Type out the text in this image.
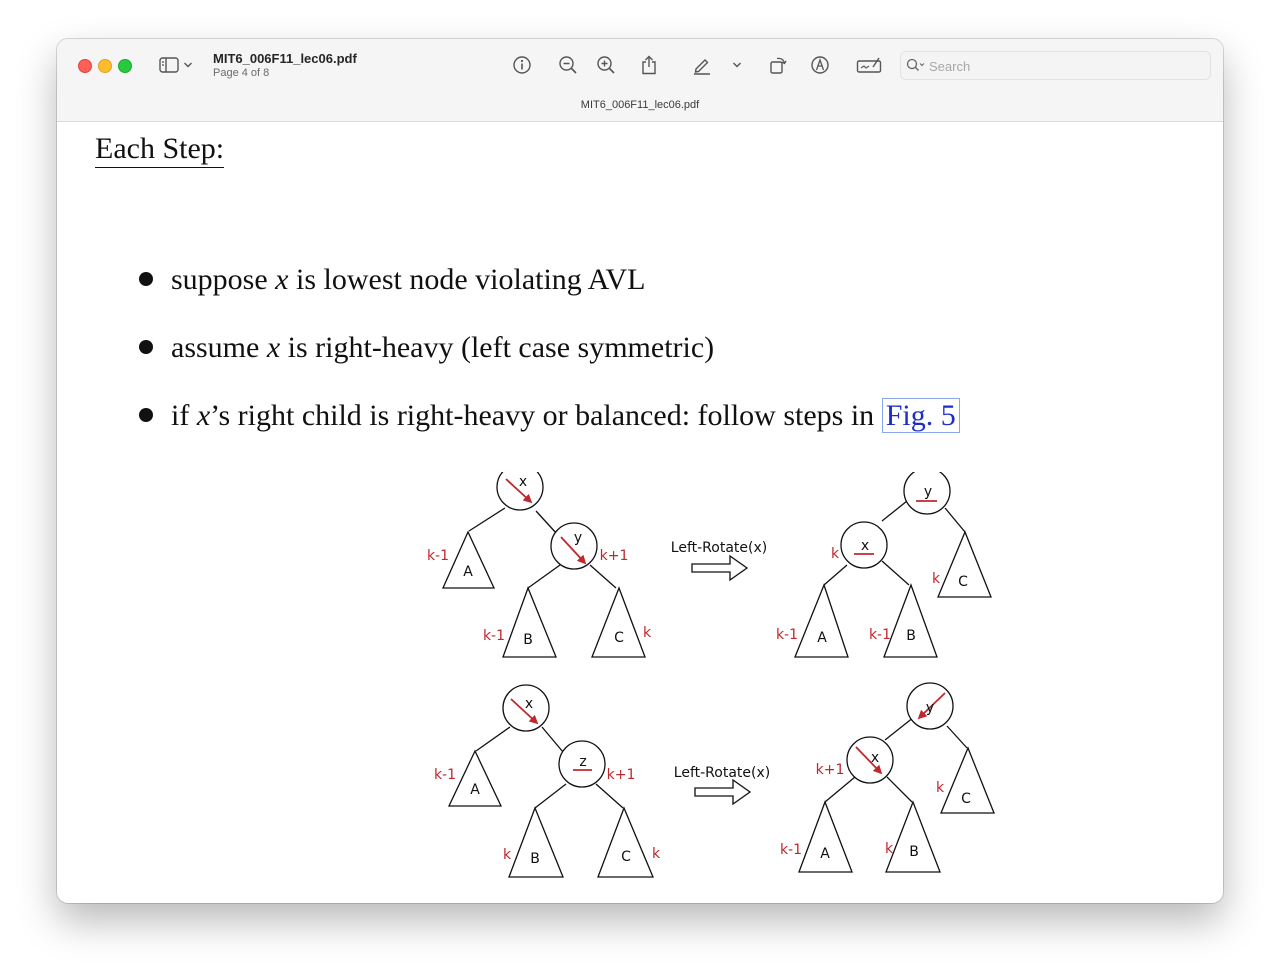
MIT6_006F11_lec06.pdf
Page 4 of 8
Search
MIT6_006F11_lec06.pdf
Each Step:
suppose x is lowest node violating AVL
assume x is right-heavy (left case symmetric)
if x’s right child is right-heavy or balanced: follow steps in Fig. 5
x
y
y
x
x
z
y
x
A
B	C
C
A	B
A
B	C
C
A	B
k-1	k+1
k-1	k
k
k
k-1	k-1
k-1	k+1
k	k
k+1
k
k-1	k
Left-Rotate(x)
Left-Rotate(x)
